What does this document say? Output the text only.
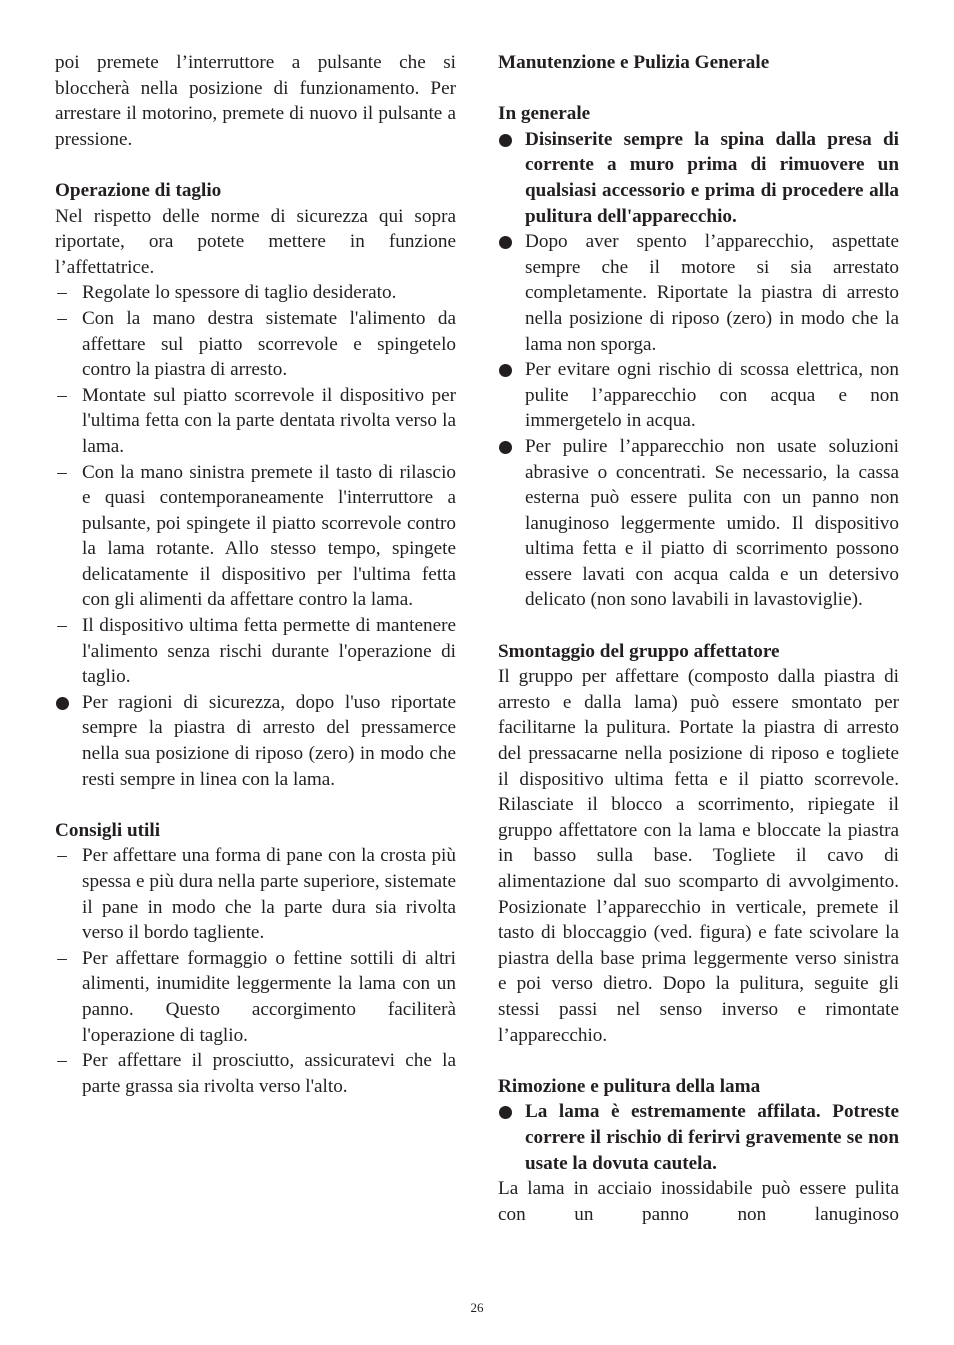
poi premete l’interruttore a pulsante che si bloccherà nella posizione di funzionamento. Per arrestare il motorino, premete di nuovo il pulsante a pressione.

Operazione di taglio

Nel rispetto delle norme di sicurezza qui sopra riportate, ora potete mettere in funzione l’affettatrice.

– Regolate lo spessore di taglio desiderato.
– Con la mano destra sistemate l'alimento da affettare sul piatto scorrevole e spingetelo contro la piastra di arresto.
– Montate sul piatto scorrevole il dispositivo per l'ultima fetta con la parte dentata rivolta verso la lama.
– Con la mano sinistra premete il tasto di rilascio e quasi contemporaneamente l'interruttore a pulsante, poi spingete il piatto scorrevole contro la lama rotante. Allo stesso tempo, spingete delicatamente il dispositivo per l'ultima fetta con gli alimenti da affettare contro la lama.
– Il dispositivo ultima fetta permette di mantenere l'alimento senza rischi durante l'operazione di taglio.
Per ragioni di sicurezza, dopo l'uso riportate sempre la piastra di arresto del pressamerce nella sua posizione di riposo (zero) in modo che resti sempre in linea con la lama.

Consigli utili

– Per affettare una forma di pane con la crosta più spessa e più dura nella parte superiore, sistemate il pane in modo che la parte dura sia rivolta verso il bordo tagliente.
– Per affettare formaggio o fettine sottili di altri alimenti, inumidite leggermente la lama con un panno. Questo accorgimento faciliterà l'operazione di taglio.
– Per affettare il prosciutto, assicuratevi che la parte grassa sia rivolta verso l'alto.

Manutenzione e Pulizia Generale

In generale

Disinserite sempre la spina dalla presa di corrente a muro prima di rimuovere un qualsiasi accessorio e prima di procedere alla pulitura dell'apparecchio.
Dopo aver spento l’apparecchio, aspettate sempre che il motore si sia arrestato completamente. Riportate la piastra di arresto nella posizione di riposo (zero) in modo che la lama non sporga.
Per evitare ogni rischio di scossa elettrica, non pulite l’apparecchio con acqua e non immergetelo in acqua.
Per pulire l’apparecchio non usate soluzioni abrasive o concentrati. Se necessario, la cassa esterna può essere pulita con un panno non lanuginoso leggermente umido. Il dispositivo ultima fetta e il piatto di scorrimento possono essere lavati con acqua calda e un detersivo delicato (non sono lavabili in lavastoviglie).

Smontaggio del gruppo affettatore

Il gruppo per affettare (composto dalla piastra di arresto e dalla lama) può essere smontato per facilitarne la pulitura. Portate la piastra di arresto del pressacarne nella posizione di riposo e togliete il dispositivo ultima fetta e il piatto scorrevole. Rilasciate il blocco a scorrimento, ripiegate il gruppo affettatore con la lama e bloccate la piastra in basso sulla base. Togliete il cavo di alimentazione dal suo scomparto di avvolgimento. Posizionate l’apparecchio in verticale, premete il tasto di bloccaggio (ved. figura) e fate scivolare la piastra della base prima leggermente verso sinistra e poi verso dietro. Dopo la pulitura, seguite gli stessi passi nel senso inverso e rimontate l’apparecchio.

Rimozione e pulitura della lama

La lama è estremamente affilata. Potreste correre il rischio di ferirvi gravemente se non usate la dovuta cautela.

La lama in acciaio inossidabile può essere pulita con un panno non lanuginoso

26
